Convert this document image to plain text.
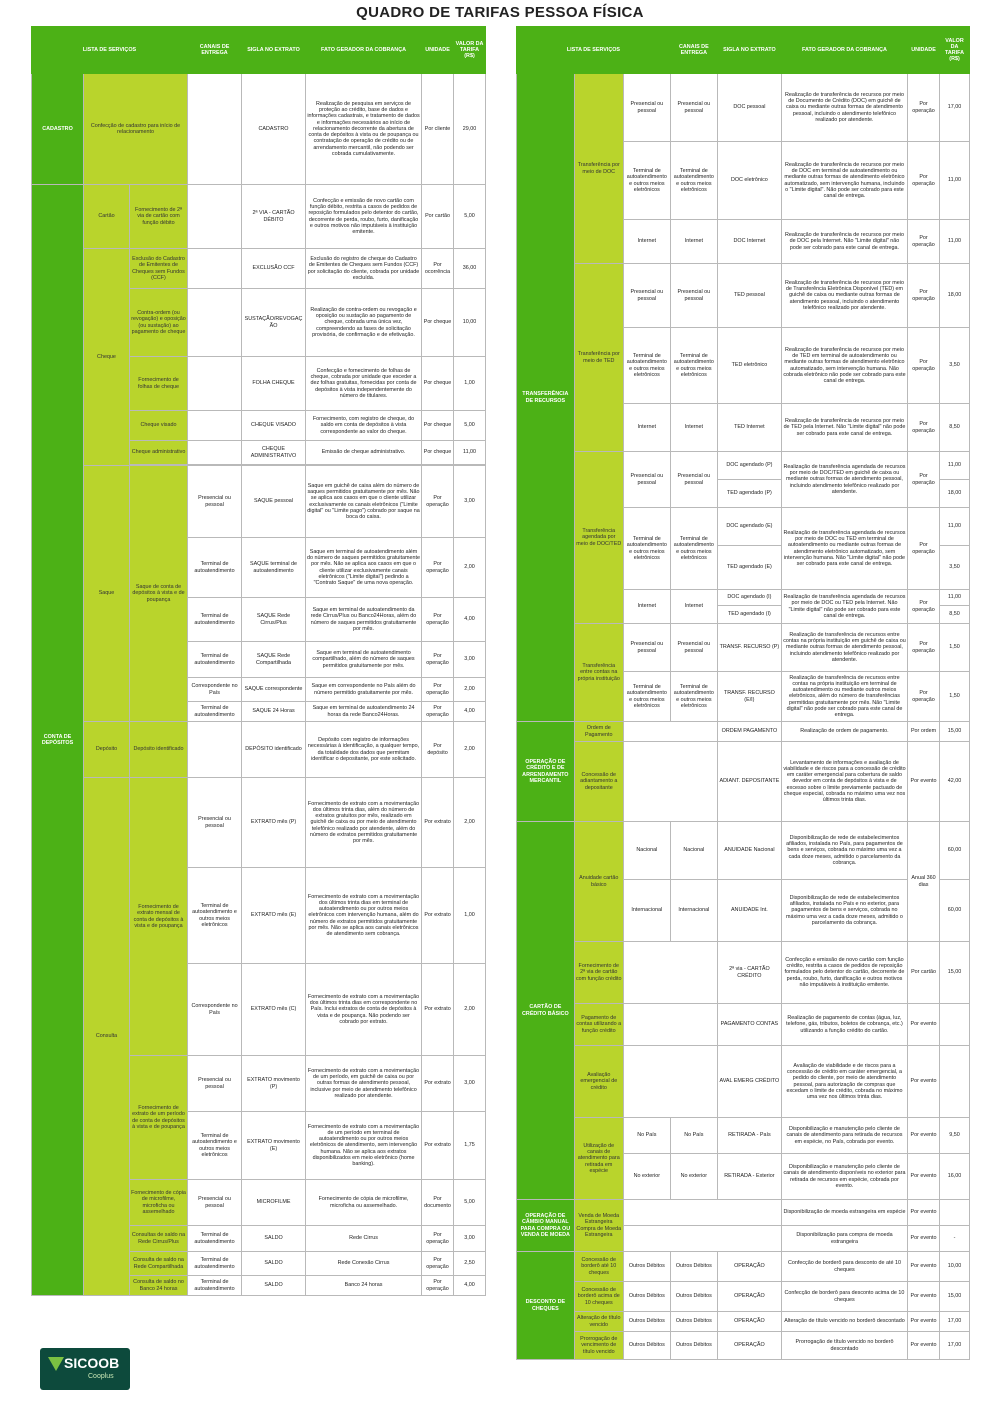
QUADRO DE TARIFAS PESSOA FÍSICA
LISTA DE SERVIÇOS			CANAIS DE ENTREGA	SIGLA NO EXTRATO	FATO GERADOR DA COBRANÇA	UNIDADE	VALOR DA TARIFA (R$)
CADASTRO	Confecção de cadastro para início de relacionamento			CADASTRO	Realização de pesquisa em serviços de proteção ao crédito, base de dados e informações cadastrais, e tratamento de dados e informações necessários ao início de relacionamento decorrente da abertura de conta de depósitos à vista ou de poupança ou contratação de operação de crédito ou de arrendamento mercantil, não podendo ser cobrada cumulativamente.	Por cliente	29,00
CONTA DE DEPÓSITOS	Cartão	Fornecimento de 2ª via de cartão com função débito		2ª VIA - CARTÃO DÉBITO	Confecção e emissão de novo cartão com função débito, restrita a casos de pedidos de reposição formulados pelo detentor do cartão, decorrente de perda, roubo, furto, danificação e outros motivos não imputáveis à instituição emitente.	Por cartão	5,00
	Cheque	Exclusão do Cadastro de Emitentes de Cheques sem Fundos (CCF)		EXCLUSÃO CCF	Exclusão do registro de cheque do Cadastro de Emitentes de Cheques sem Fundos (CCF) por solicitação do cliente, cobrada por unidade excluída.	Por ocorrência	36,00
		Contra-ordem (ou revogação) e oposição (ou sustação) ao pagamento de cheque		SUSTAÇÃO/REVOGAÇÃO	Realização de contra-ordem ou revogação e oposição ou sustação ao pagamento de cheque, cobrada uma única vez, compreendendo as fases de solicitação provisória, de confirmação e de efetivação.	Por cheque	10,00
		Fornecimento de folhas de cheque		FOLHA CHEQUE	Confecção e fornecimento de folhas de cheque, cobrada por unidade que exceder a dez folhas gratuitas, fornecidas por conta de depósitos à vista independentemente do número de titulares.	Por cheque	1,00
		Cheque visado		CHEQUE VISADO	Fornecimento, com registro de cheque, do saldo em conta de depósitos à vista correspondente ao valor do cheque.	Por cheque	5,00
		Cheque administrativo		CHEQUE ADMINISTRATIVO	Emissão de cheque administrativo.	Por cheque	11,00

	Saque	Saque de conta de depósitos à vista e de poupança	Presencial ou pessoal	SAQUE pessoal	Saque em guichê de caixa além do número de saques permitidos gratuitamente por mês. Não se aplica aos casos em que o cliente utilizar exclusivamente os canais eletrônicos ("Limite digital" ou "Limite pago") cobrado por saque na boca do caixa.	Por operação	3,00
			Terminal de autoatendimento	SAQUE terminal de autoatendimento	Saque em terminal de autoatendimento além do número de saques permitidos gratuitamente por mês. Não se aplica aos casos em que o cliente utilizar exclusivamente canais eletrônicos ("Limite digital") pedindo a "Contrato Saque" de uma nova operação.	Por operação	2,00
			Terminal de autoatendimento	SAQUE Rede Cirrus/Plus	Saque em terminal de autoatendimento da rede Cirrus/Plus ou Banco24Horas, além do número de saques permitidos gratuitamente por mês.	Por operação	4,00
			Terminal de autoatendimento	SAQUE Rede Compartilhada	Saque em terminal de autoatendimento compartilhado, além do número de saques permitidos gratuitamente por mês.	Por operação	3,00
			Correspondente no País	SAQUE correspondente	Saque em correspondente no País além do número permitido gratuitamente por mês.	Por operação	2,00
			Terminal de autoatendimento	SAQUE 24 Horas	Saque em terminal de autoatendimento 24 horas da rede Banco24Horas.	Por operação	4,00
	Depósito	Depósito identificado		DEPÓSITO identificado	Depósito com registro de informações necessárias à identificação, a qualquer tempo, da totalidade dos dados que permitam identificar o depositante, por este solicitado.	Por depósito	2,00
	Consulta	Fornecimento de extrato mensal de conta de depósitos à vista e de poupança	Presencial ou pessoal	EXTRATO mês (P)	Fornecimento de extrato com a movimentação dos últimos trinta dias, além do número de extratos gratuitos por mês, realizado em guichê de caixa ou por meio de atendimento telefônico realizado por atendente, além do número de extratos permitidos gratuitamente por mês.	Por extrato	2,00
			Terminal de autoatendimento e outros meios eletrônicos	EXTRATO mês (E)	Fornecimento de extrato com a movimentação dos últimos trinta dias em terminal de autoatendimento ou por outros meios eletrônicos com intervenção humana, além do número de extratos permitidos gratuitamente por mês. Não se aplica aos canais eletrônicos de atendimento sem cobrança.	Por extrato	1,00
			Correspondente no País	EXTRATO mês (C)	Fornecimento de extrato com a movimentação dos últimos trinta dias em correspondente no País. Inclui extratos de conta de depósitos à vista e de poupança. Não podendo ser cobrado por extrato.	Por extrato	2,00
		Fornecimento de extrato de um período de conta de depósitos à vista e de poupança	Presencial ou pessoal	EXTRATO movimento (P)	Fornecimento de extrato com a movimentação de um período, em guichê de caixa ou por outras formas de atendimento pessoal, inclusive por meio de atendimento telefônico realizado por atendente.	Por extrato	3,00
			Terminal de autoatendimento e outros meios eletrônicos	EXTRATO movimento (E)	Fornecimento de extrato com a movimentação de um período em terminal de autoatendimento ou por outros meios eletrônicos de atendimento, sem intervenção humana. Não se aplica aos extratos disponibilizados em meio eletrônico (home banking).	Por extrato	1,75
		Fornecimento de cópia de microfilme, microficha ou assemelhado	Presencial ou pessoal	MICROFILME	Fornecimento de cópia de microfilme, microficha ou assemelhado.	Por documento	5,00
		Consultas de saldo na Rede Cirrus/Plus	Terminal de autoatendimento	SALDO	Rede Cirrus	Por operação	3,00
		Consulta de saldo na Rede Compartilhada	Terminal de autoatendimento	SALDO	Rede Conexão Cirrus	Por operação	2,50
		Consulta de saldo no Banco 24 horas	Terminal de autoatendimento	SALDO	Banco 24 horas	Por operação	4,00
LISTA DE SERVIÇOS			CANAIS DE ENTREGA	SIGLA NO EXTRATO	FATO GERADOR DA COBRANÇA	UNIDADE	VALOR DA TARIFA (R$)
TRANSFERÊNCIA DE RECURSOS	Transferência por meio de DOC	Presencial ou pessoal	Presencial ou pessoal	DOC pessoal	Realização de transferência de recursos por meio de Documento de Crédito (DOC) em guichê de caixa ou mediante outras formas de atendimento pessoal, incluindo o atendimento telefônico realizado por atendente.	Por operação	17,00
		Terminal de autoatendimento e outros meios eletrônicos	Terminal de autoatendimento e outros meios eletrônicos	DOC eletrônico	Realização de transferência de recursos por meio de DOC em terminal de autoatendimento ou mediante outras formas de atendimento eletrônico automatizado, sem intervenção humana, incluindo o "Limite digital". Não pode ser cobrado para este canal de entrega.	Por operação	11,00
		Internet	Internet	DOC Internet	Realização de transferência de recursos por meio de DOC pela Internet. Não "Limite digital" não pode ser cobrado para este canal de entrega.	Por operação	11,00
	Transferência por meio de TED	Presencial ou pessoal	Presencial ou pessoal	TED pessoal	Realização de transferência de recursos por meio de Transferência Eletrônica Disponível (TED) em guichê de caixa ou mediante outras formas de atendimento pessoal, incluindo o atendimento telefônico realizado por atendente.	Por operação	18,00
		Terminal de autoatendimento e outros meios eletrônicos	Terminal de autoatendimento e outros meios eletrônicos	TED eletrônico	Realização de transferência de recursos por meio de TED em terminal de autoatendimento ou mediante outras formas de atendimento eletrônico automatizado, sem intervenção humana. Não cobrada eletrônico não pode ser cobrado para este canal de entrega.	Por operação	3,50
		Internet	Internet	TED Internet	Realização de transferência de recursos por meio de TED pela Internet. Não "Limite digital" não pode ser cobrado para este canal de entrega.	Por operação	8,50
	Transferência agendada por meio de DOC/TED	Presencial ou pessoal	Presencial ou pessoal	DOC agendado (P)	Realização de transferência agendada de recursos por meio de DOC/TED em guichê de caixa ou mediante outras formas de atendimento pessoal, incluindo atendimento telefônico realizado por atendente.	Por operação	11,00
				TED agendado (P)			18,00
		Terminal de autoatendimento e outros meios eletrônicos	Terminal de autoatendimento e outros meios eletrônicos	DOC agendado (E)	Realização de transferência agendada de recursos por meio de DOC ou TED em terminal de autoatendimento ou mediante outras formas de atendimento eletrônico automatizado, sem intervenção humana. Não "Limite digital" não pode ser cobrado para este canal de entrega.	Por operação	11,00
				TED agendado (E)			3,50
		Internet	Internet	DOC agendado (I)	Realização de transferência agendada de recursos por meio de DOC ou TED pela Internet. Não "Limite digital" não pode ser cobrado para este canal de entrega.	Por operação	11,00
				TED agendado (I)			8,50
	Transferência entre contas na própria instituição	Presencial ou pessoal	Presencial ou pessoal	TRANSF. RECURSO (P)	Realização de transferência de recursos entre contas na própria instituição em guichê de caixa ou mediante outras formas de atendimento pessoal, incluindo atendimento telefônico realizado por atendente.	Por operação	1,50
		Terminal de autoatendimento e outros meios eletrônicos	Terminal de autoatendimento e outros meios eletrônicos	TRANSF. RECURSO (E/I)	Realização de transferência de recursos entre contas na própria instituição em terminal de autoatendimento ou mediante outros meios eletrônicos, além do número de transferências permitidas gratuitamente por mês. Não "Limite digital" não pode ser cobrado para este canal de entrega.	Por operação	1,50
OPERAÇÃO DE CRÉDITO E DE ARRENDAMENTO MERCANTIL	Ordem de Pagamento			ORDEM PAGAMENTO	Realização de ordem de pagamento.	Por ordem	15,00
	Concessão de adiantamento a depositante			ADIANT. DEPOSITANTE	Levantamento de informações e avaliação de viabilidade e de riscos para a concessão de crédito em caráter emergencial para cobertura de saldo devedor em conta de depósitos à vista e de excesso sobre o limite previamente pactuado de cheque especial, cobrada no máximo uma vez nos últimos trinta dias.	Por evento	42,00
CARTÃO DE CRÉDITO BÁSICO	Anuidade cartão básico	Nacional	Nacional	ANUIDADE Nacional	Disponibilização de rede de estabelecimentos afiliados, instalada no País, para pagamentos de bens e serviços, cobrada no máximo uma vez a cada doze meses, admitido o parcelamento da cobrança.	Anual 360 dias	60,00
		Internacional	Internacional	ANUIDADE Int.	Disponibilização de rede de estabelecimentos afiliados, instalada no País e no exterior, para pagamentos de bens e serviços, cobrada no máximo uma vez a cada doze meses, admitido o parcelamento da cobrança.		60,00
	Fornecimento de 2ª via de cartão com função crédito			2ª via - CARTÃO CRÉDITO	Confecção e emissão de novo cartão com função crédito, restrita a casos de pedidos de reposição formulados pelo detentor do cartão, decorrente de perda, roubo, furto, danificação e outros motivos não imputáveis à instituição emitente.	Por cartão	15,00
	Pagamento de contas utilizando a função crédito			PAGAMENTO CONTAS	Realização de pagamento de contas (água, luz, telefone, gás, tributos, boletos de cobrança, etc.) utilizando a função crédito do cartão.	Por evento	
	Avaliação emergencial de crédito			AVAL EMERG CRÉDITO	Avaliação de viabilidade e de riscos para a concessão de crédito em caráter emergencial, a pedido do cliente, por meio de atendimento pessoal, para autorização de compras que excedam o limite de crédito, cobrada no máximo uma vez nos últimos trinta dias.	Por evento	
	Utilização de canais de atendimento para retirada em espécie	No País	No País	RETIRADA - País	Disponibilização e manutenção pelo cliente de canais de atendimento para retirada de recursos em espécie, no País, cobrada por evento.	Por evento	9,50
		No exterior	No exterior	RETIRADA - Exterior	Disponibilização e manutenção pelo cliente de canais de atendimento disponíveis no exterior para retirada de recursos em espécie, cobrada por evento.	Por evento	16,00
OPERAÇÃO DE CÂMBIO MANUAL PARA COMPRA OU VENDA DE MOEDA	Venda de Moeda Estrangeira Compra de Moeda Estrangeira				Disponibilização de moeda estrangeira em espécie	Por evento	
					Disponibilização para compra de moeda estrangeira	Por evento	-
DESCONTO DE CHEQUES	Concessão de borderô até 10 cheques	Outros Débitos	Outros Débitos	OPERAÇÃO	Confecção de borderô para desconto de até 10 cheques	Por evento	10,00
	Concessão de borderô acima de 10 cheques	Outros Débitos	Outros Débitos	OPERAÇÃO	Confecção de borderô para desconto acima de 10 cheques	Por evento	15,00
	Alteração de título vencido	Outros Débitos	Outros Débitos	OPERAÇÃO	Alteração de título vencido no borderô descontado	Por evento	17,00
	Prorrogação de vencimento de título vencido	Outros Débitos	Outros Débitos	OPERAÇÃO	Prorrogação de título vencido no borderô descontado	Por evento	17,00
SICOOB
Cooplus
